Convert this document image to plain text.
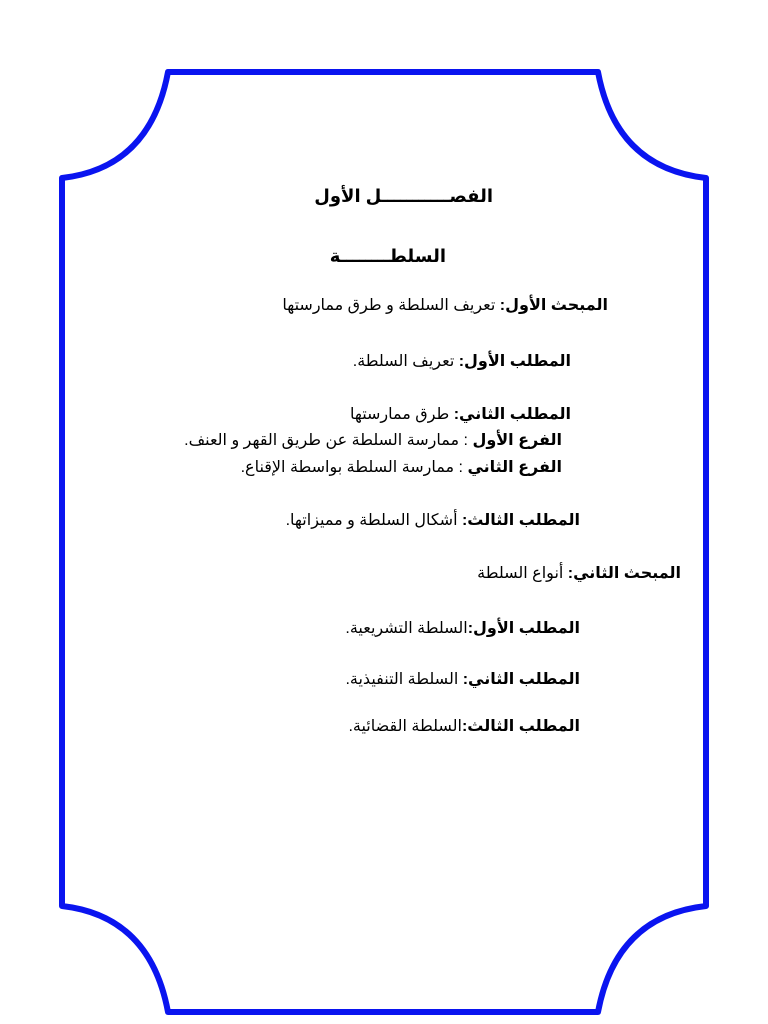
الفصـــــــــــل الأول
السلطــــــــة
المبحث الأول: تعريف السلطة و طرق ممارستها
المطلب الأول: تعريف السلطة.
المطلب الثاني: طرق ممارستها
الفرع الأول : ممارسة السلطة عن طريق القهر و العنف.
الفرع الثاني : ممارسة السلطة بواسطة الإقناع.
المطلب الثالث: أشكال السلطة و مميزاتها.
المبحث الثاني: أنواع السلطة
المطلب الأول:السلطة التشريعية.
المطلب الثاني: السلطة التنفيذية.
المطلب الثالث:السلطة القضائية.
